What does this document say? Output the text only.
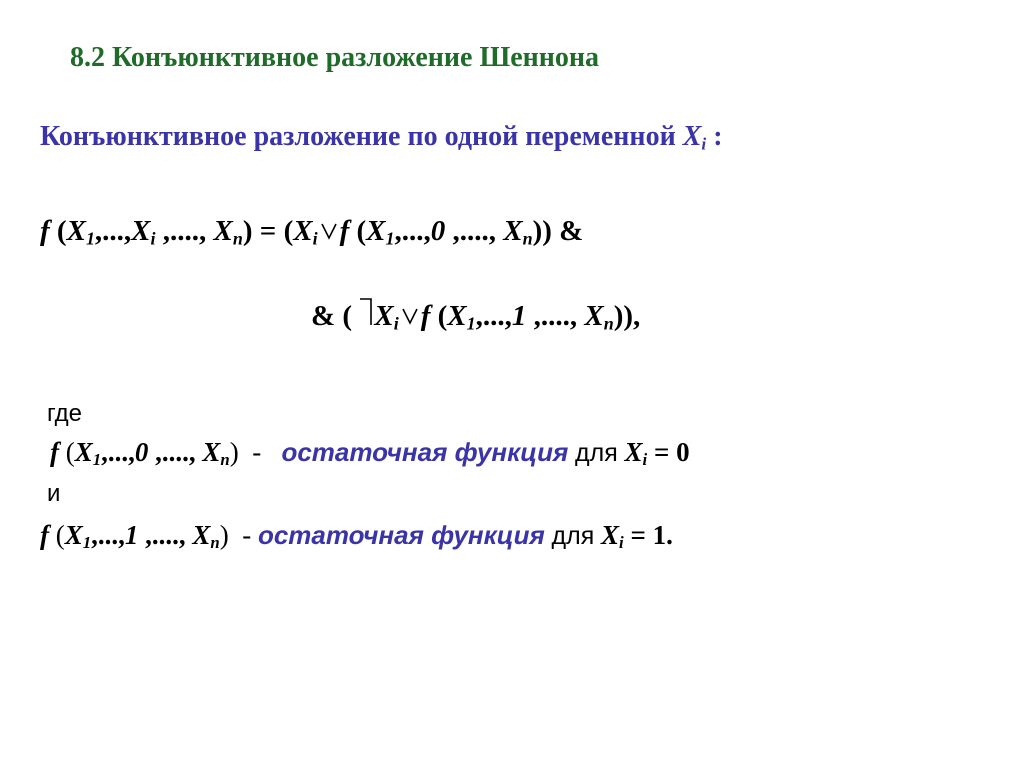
8.2 Конъюнктивное разложение Шеннона
Конъюнктивное разложение по одной переменной $X_i$ :
f ($X_1,...,X_i$ ,...., $X_n) = (X_i$ f ($X_1,...,0$ ,...., $X_n$)) &
& ( $X_i$ f ($X_1,...,1$ ,...., $X_n$)),
где
f ($X_1,...,0$ ,...., $X_n$)  - остаточная функция для $X_i = 0$
и
f ($X_1,...,1$ ,...., $X_n$)  - остаточная функция для $X_i = 1$.
